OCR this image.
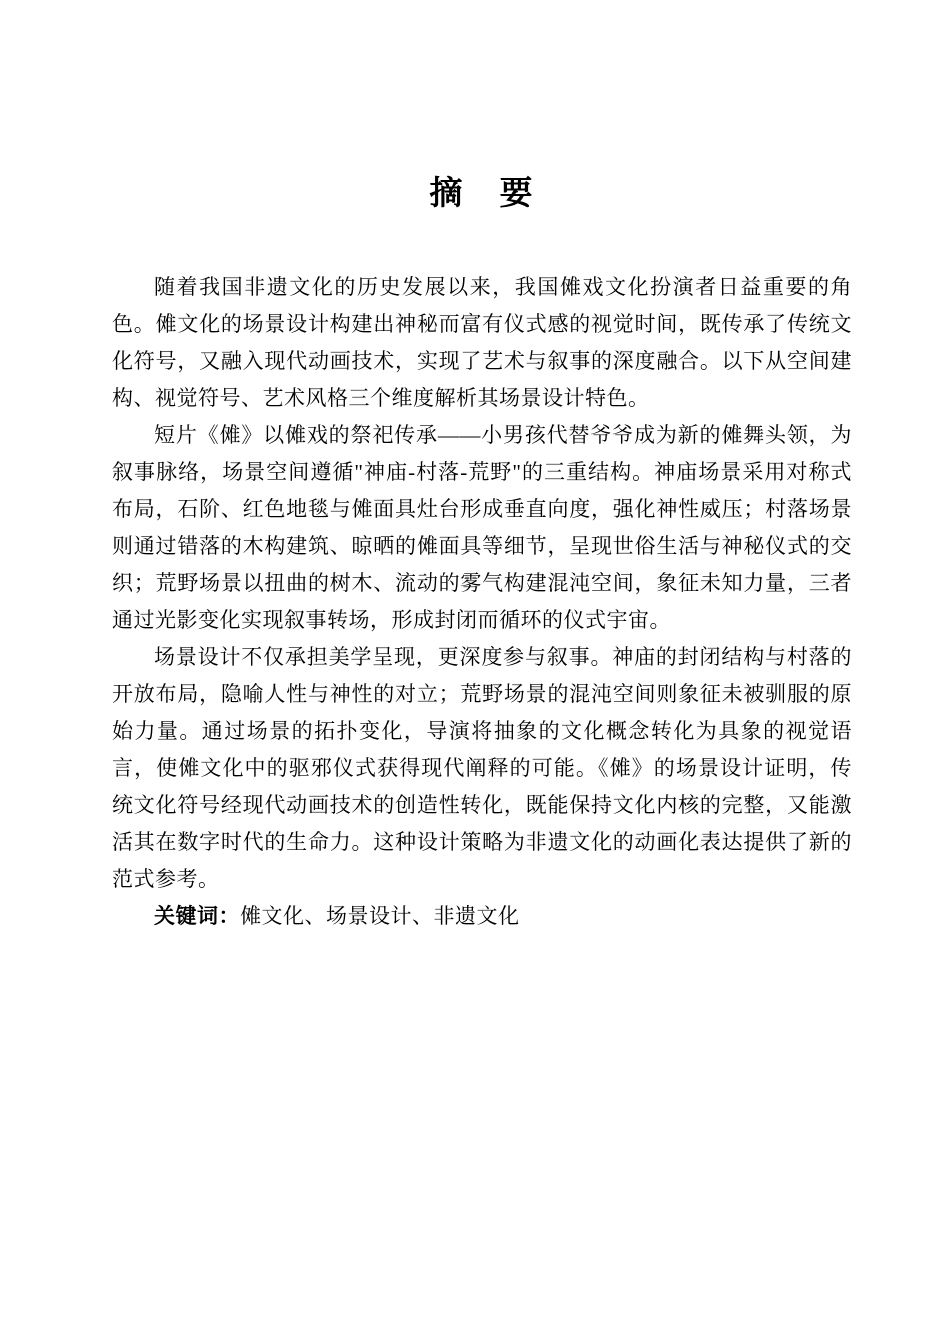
摘　要

随着我国非遗文化的历史发展以来，我国傩戏文化扮演者日益重要的角色。傩文化的场景设计构建出神秘而富有仪式感的视觉时间，既传承了传统文化符号，又融入现代动画技术，实现了艺术与叙事的深度融合。以下从空间建构、视觉符号、艺术风格三个维度解析其场景设计特色。

短片《傩》以傩戏的祭祀传承——小男孩代替爷爷成为新的傩舞头领，为叙事脉络，场景空间遵循"神庙-村落-荒野"的三重结构。神庙场景采用对称式布局，石阶、红色地毯与傩面具灶台形成垂直向度，强化神性威压；村落场景则通过错落的木构建筑、晾晒的傩面具等细节，呈现世俗生活与神秘仪式的交织；荒野场景以扭曲的树木、流动的雾气构建混沌空间，象征未知力量，三者通过光影变化实现叙事转场，形成封闭而循环的仪式宇宙。

场景设计不仅承担美学呈现，更深度参与叙事。神庙的封闭结构与村落的开放布局，隐喻人性与神性的对立；荒野场景的混沌空间则象征未被驯服的原始力量。通过场景的拓扑变化，导演将抽象的文化概念转化为具象的视觉语言，使傩文化中的驱邪仪式获得现代阐释的可能。《傩》的场景设计证明，传统文化符号经现代动画技术的创造性转化，既能保持文化内核的完整，又能激活其在数字时代的生命力。这种设计策略为非遗文化的动画化表达提供了新的范式参考。

关键词：傩文化、场景设计、非遗文化
